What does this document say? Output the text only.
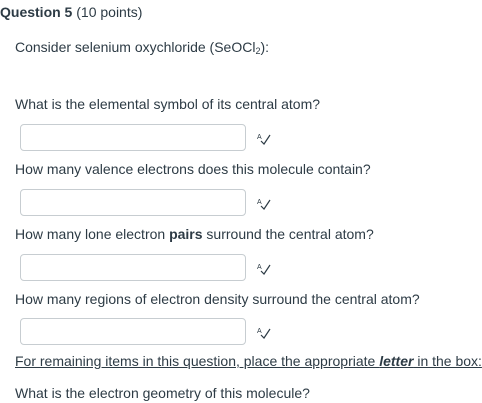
Question 5 (10 points)
Consider selenium oxychloride (SeOCl$_2$):
What is the elemental symbol of its central atom?
A
How many valence electrons does this molecule contain?
A
How many lone electron pairs surround the central atom?
A
How many regions of electron density surround the central atom?
A
For remaining items in this question, place the appropriate letter in the box:
What is the electron geometry of this molecule?
